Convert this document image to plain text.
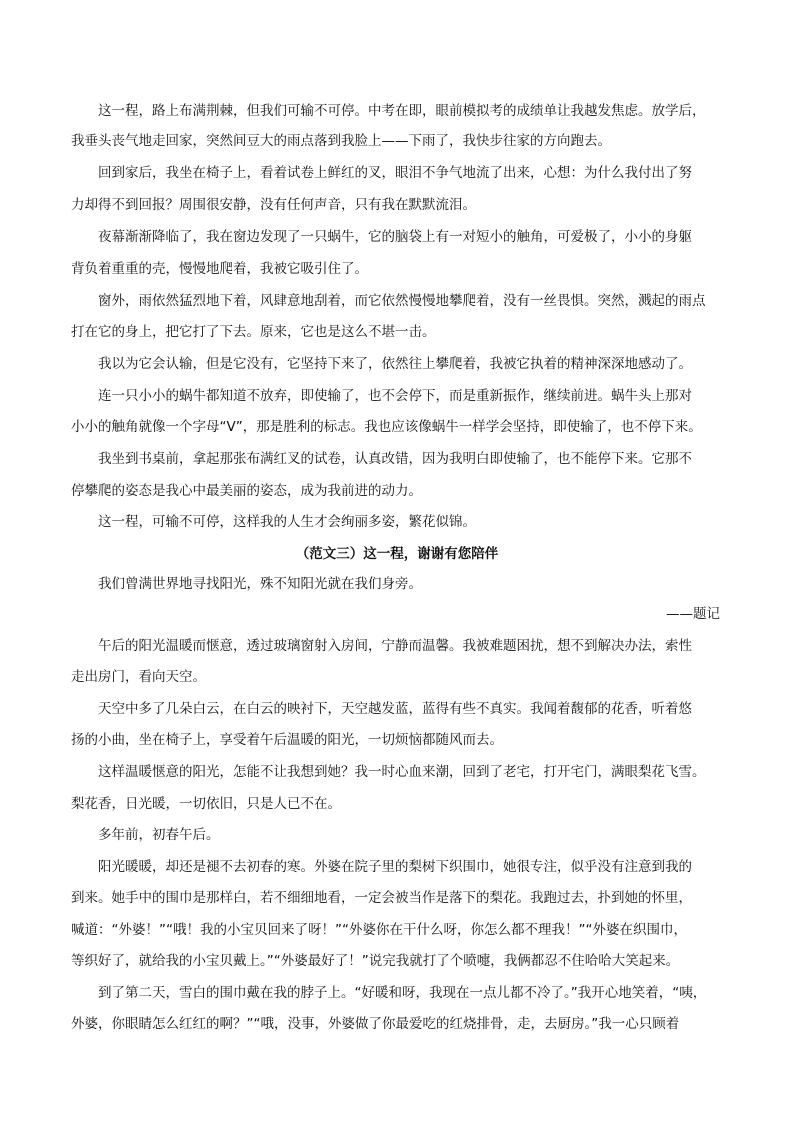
这一程，路上布满荆棘，但我们可输不可停。中考在即，眼前模拟考的成绩单让我越发焦虑。放学后，
我垂头丧气地走回家，突然间豆大的雨点落到我脸上——下雨了，我快步往家的方向跑去。
回到家后，我坐在椅子上，看着试卷上鲜红的叉，眼泪不争气地流了出来，心想：为什么我付出了努
力却得不到回报？周围很安静，没有任何声音，只有我在默默流泪。
夜幕渐渐降临了，我在窗边发现了一只蜗牛，它的脑袋上有一对短小的触角，可爱极了，小小的身躯
背负着重重的壳，慢慢地爬着，我被它吸引住了。
窗外，雨依然猛烈地下着，风肆意地刮着，而它依然慢慢地攀爬着，没有一丝畏惧。突然，溅起的雨点
打在它的身上，把它打了下去。原来，它也是这么不堪一击。
我以为它会认输，但是它没有，它坚持下来了，依然往上攀爬着，我被它执着的精神深深地感动了。
连一只小小的蜗牛都知道不放弃，即使输了，也不会停下，而是重新振作，继续前进。蜗牛头上那对
小小的触角就像一个字母“V”，那是胜利的标志。我也应该像蜗牛一样学会坚持，即使输了，也不停下来。
我坐到书桌前，拿起那张布满红叉的试卷，认真改错，因为我明白即使输了，也不能停下来。它那不
停攀爬的姿态是我心中最美丽的姿态，成为我前进的动力。
这一程，可输不可停，这样我的人生才会绚丽多姿，繁花似锦。
（范文三）这一程，谢谢有您陪伴
我们曾满世界地寻找阳光，殊不知阳光就在我们身旁。
——题记
午后的阳光温暖而惬意，透过玻璃窗射入房间，宁静而温馨。我被难题困扰，想不到解决办法，索性
走出房门，看向天空。
天空中多了几朵白云，在白云的映衬下，天空越发蓝，蓝得有些不真实。我闻着馥郁的花香，听着悠
扬的小曲，坐在椅子上，享受着午后温暖的阳光，一切烦恼都随风而去。
这样温暖惬意的阳光，怎能不让我想到她？我一时心血来潮，回到了老宅，打开宅门，满眼梨花飞雪。
梨花香，日光暖，一切依旧，只是人已不在。
多年前，初春午后。
阳光暖暖，却还是褪不去初春的寒。外婆在院子里的梨树下织围巾，她很专注，似乎没有注意到我的
到来。她手中的围巾是那样白，若不细细地看，一定会被当作是落下的梨花。我跑过去，扑到她的怀里，
喊道：“外婆！”“哦！我的小宝贝回来了呀！”“外婆你在干什么呀，你怎么都不理我！”“外婆在织围巾，
等织好了，就给我的小宝贝戴上。”“外婆最好了！”说完我就打了个喷嚏，我俩都忍不住哈哈大笑起来。
到了第二天，雪白的围巾戴在我的脖子上。“好暖和呀，我现在一点儿都不冷了。”我开心地笑着，“咦，
外婆，你眼睛怎么红红的啊？”“哦，没事，外婆做了你最爱吃的红烧排骨，走，去厨房。”我一心只顾着
